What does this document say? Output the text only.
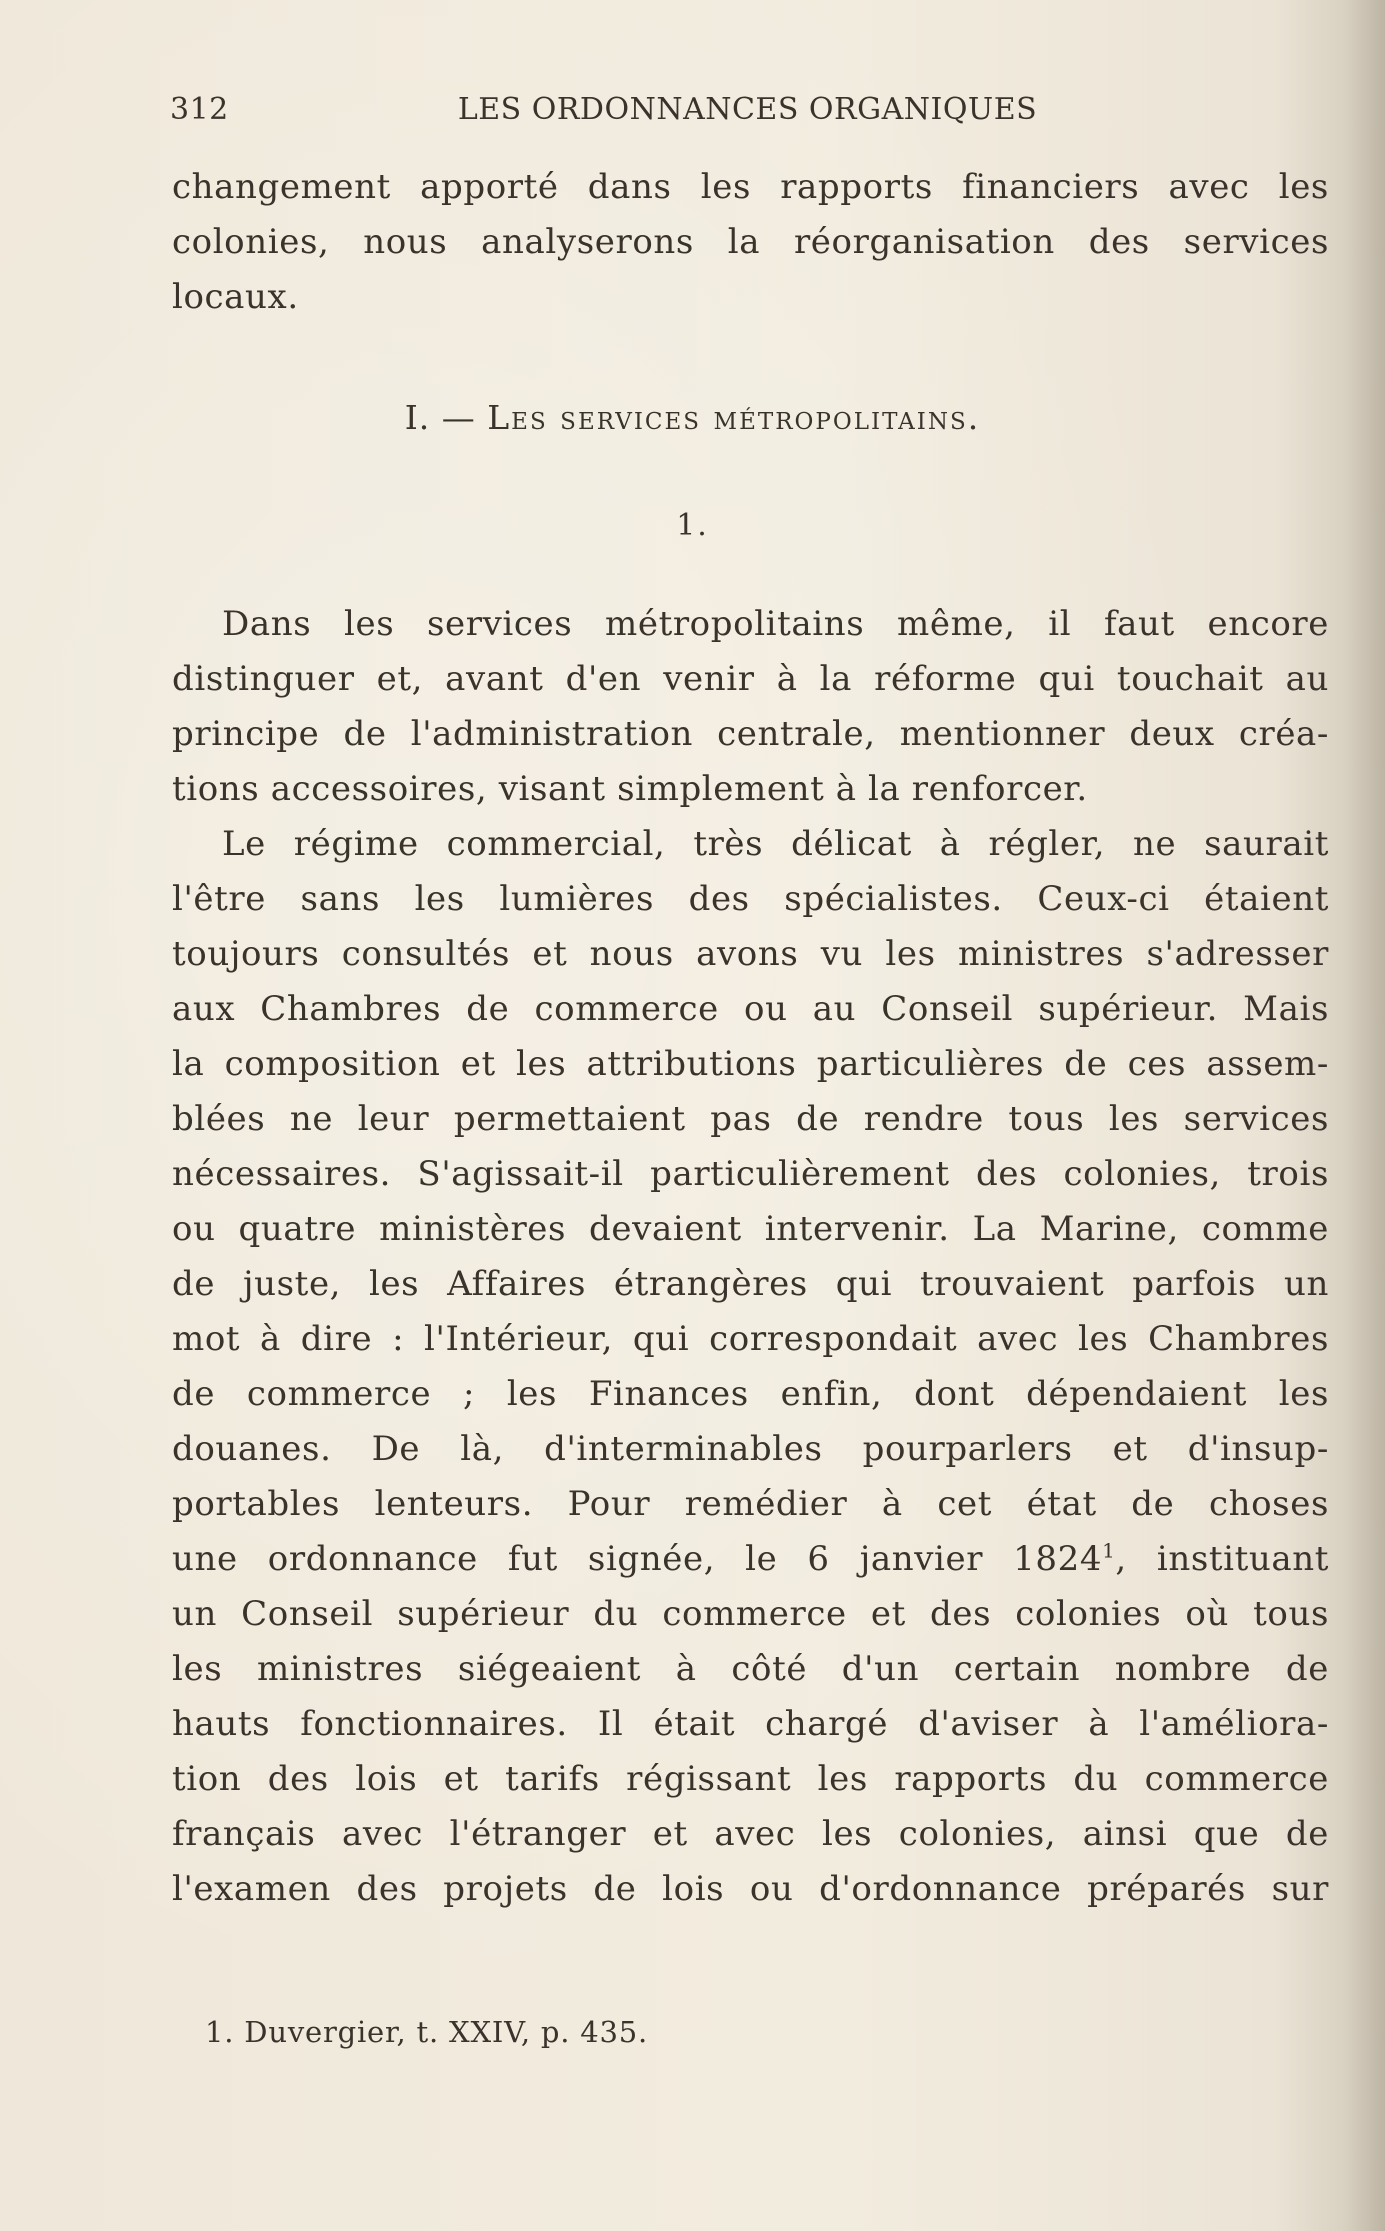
312	LES ORDONNANCES ORGANIQUES
changement apporté dans les rapports financiers avec les
colonies, nous analyserons la réorganisation des services
locaux.
I. — Les services métropolitains.
1.
Dans les services métropolitains même, il faut encore
distinguer et, avant d'en venir à la réforme qui touchait au
principe de l'administration centrale, mentionner deux créa-
tions accessoires, visant simplement à la renforcer.
Le régime commercial, très délicat à régler, ne saurait
l'être sans les lumières des spécialistes. Ceux-ci étaient
toujours consultés et nous avons vu les ministres s'adresser
aux Chambres de commerce ou au Conseil supérieur. Mais
la composition et les attributions particulières de ces assem-
blées ne leur permettaient pas de rendre tous les services
nécessaires. S'agissait-il particulièrement des colonies, trois
ou quatre ministères devaient intervenir. La Marine, comme
de juste, les Affaires étrangères qui trouvaient parfois un
mot à dire : l'Intérieur, qui correspondait avec les Chambres
de commerce ; les Finances enfin, dont dépendaient les
douanes. De là, d'interminables pourparlers et d'insup-
portables lenteurs. Pour remédier à cet état de choses
une ordonnance fut signée, le 6 janvier 1824$^1$, instituant
un Conseil supérieur du commerce et des colonies où tous
les ministres siégeaient à côté d'un certain nombre de
hauts fonctionnaires. Il était chargé d'aviser à l'améliora-
tion des lois et tarifs régissant les rapports du commerce
français avec l'étranger et avec les colonies, ainsi que de
l'examen des projets de lois ou d'ordonnance préparés sur
1. Duvergier, t. XXIV, p. 435.
